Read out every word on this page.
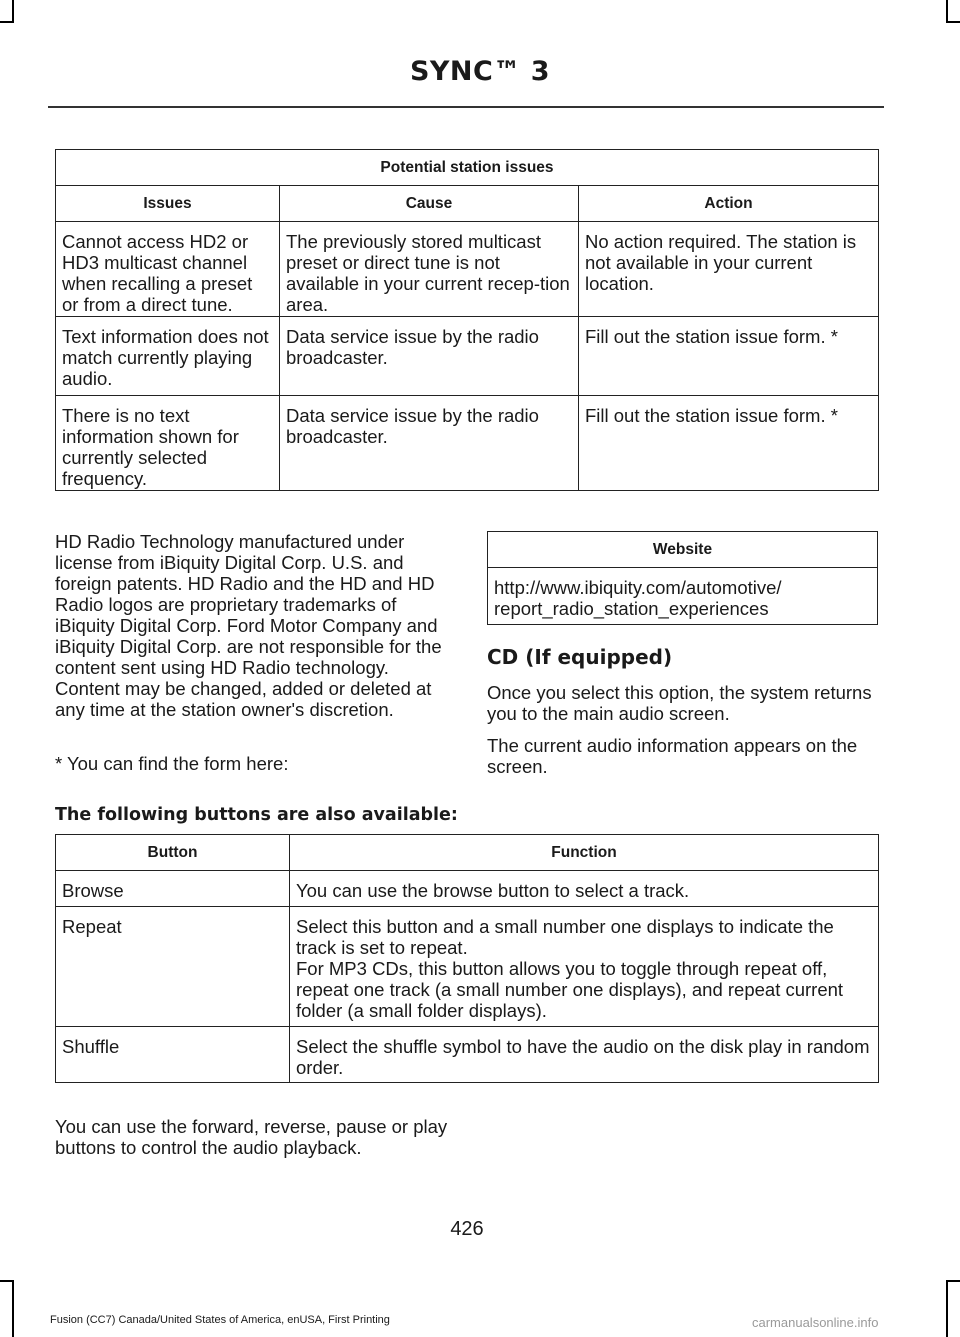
SYNC™ 3
Potential station issues		
Issues	Cause	Action
Cannot access HD2 or HD3 multicast channel when recalling a preset or from a direct tune.	The previously stored multicast preset or direct tune is not available in your current recep-tion area.	No action required. The station is not available in your current location.
Text information does not match currently playing audio.	Data service issue by the radio broadcaster.	Fill out the station issue form. *
There is no text information shown for currently selected frequency.	Data service issue by the radio broadcaster.	Fill out the station issue form. *

HD Radio Technology manufactured under license from iBiquity Digital Corp. U.S. and foreign patents. HD Radio and the HD and HD Radio logos are proprietary trademarks of iBiquity Digital Corp. Ford Motor Company and iBiquity Digital Corp. are not responsible for the content sent using HD Radio technology. Content may be changed, added or deleted at any time at the station owner's discretion.

* You can find the form here:

Website

http://www.ibiquity.com/automotive/
report_radio_station_experiences
CD (If equipped)

Once you select this option, the system returns you to the main audio screen.

The current audio information appears on the screen.

The following buttons are also available:
Button	Function
Browse	You can use the browse button to select a track.
Repeat	Select this button and a small number one displays to indicate the track is set to repeat.
For MP3 CDs, this button allows you to toggle through repeat off, repeat one track (a small number one displays), and repeat current folder (a small folder displays).

Shuffle	Select the shuffle symbol to have the audio on the disk play in random order.

You can use the forward, reverse, pause or play buttons to control the audio playback.

426
Fusion (CC7) Canada/United States of America, enUSA, First Printing	carmanualsonline.info
